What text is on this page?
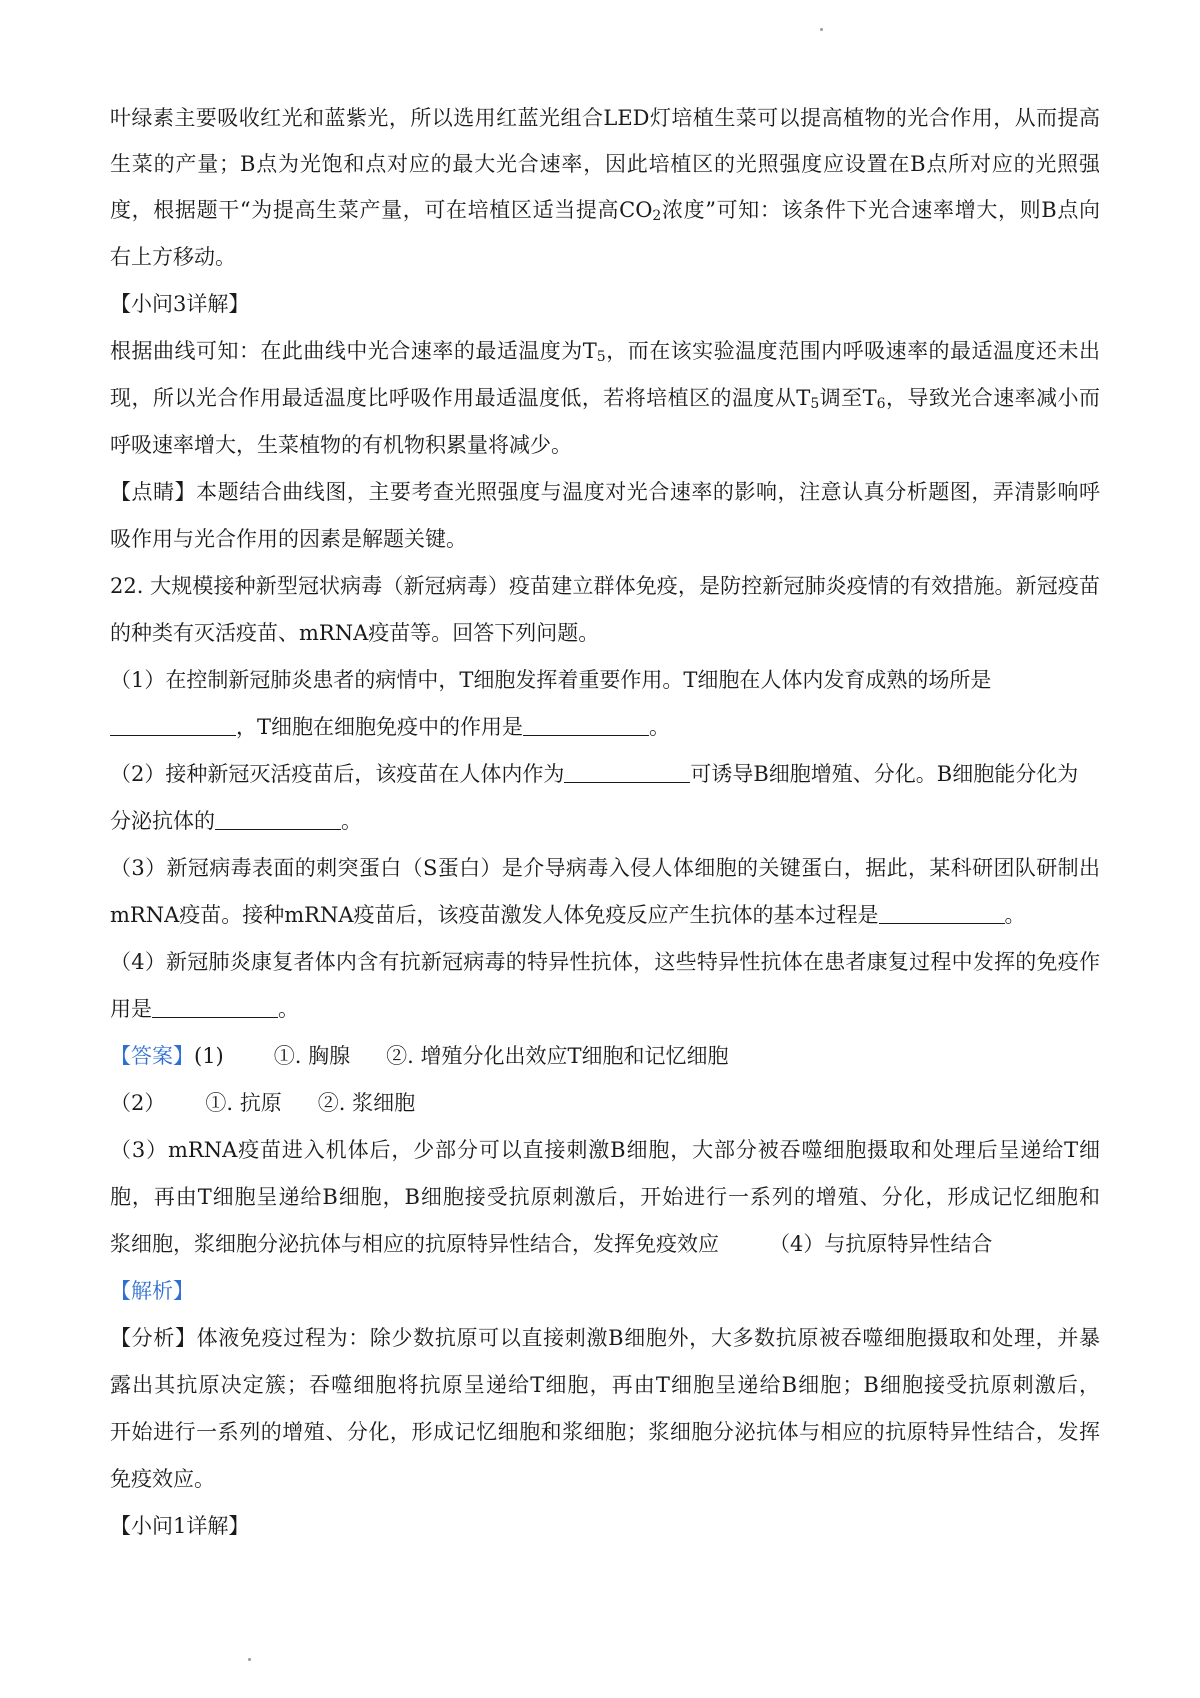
叶绿素主要吸收红光和蓝紫光，所以选用红蓝光组合LED灯培植生菜可以提高植物的光合作用，从而提高
生菜的产量；B点为光饱和点对应的最大光合速率，因此培植区的光照强度应设置在B点所对应的光照强
度，根据题干“为提高生菜产量，可在培植区适当提高$CO_2$浓度”可知：该条件下光合速率增大，则B点向
右上方移动。
【小问3详解】
根据曲线可知：在此曲线中光合速率的最适温度为$T_5$，而在该实验温度范围内呼吸速率的最适温度还未出
现，所以光合作用最适温度比呼吸作用最适温度低，若将培植区的温度从$T_5$调至$T_6$，导致光合速率减小而
呼吸速率增大，生菜植物的有机物积累量将减少。
【点睛】本题结合曲线图，主要考查光照强度与温度对光合速率的影响，注意认真分析题图，弄清影响呼
吸作用与光合作用的因素是解题关键。
22. 大规模接种新型冠状病毒（新冠病毒）疫苗建立群体免疫，是防控新冠肺炎疫情的有效措施。新冠疫苗
的种类有灭活疫苗、mRNA疫苗等。回答下列问题。
（1）在控制新冠肺炎患者的病情中，T细胞发挥着重要作用。T细胞在人体内发育成熟的场所是
，T细胞在细胞免疫中的作用是	。
（2）接种新冠灭活疫苗后，该疫苗在人体内作为	可诱导B细胞增殖、分化。B细胞能分化为
分泌抗体的	。
（3）新冠病毒表面的刺突蛋白（S蛋白）是介导病毒入侵人体细胞的关键蛋白，据此，某科研团队研制出
mRNA疫苗。接种mRNA疫苗后，该疫苗激发人体免疫反应产生抗体的基本过程是	。
（4）新冠肺炎康复者体内含有抗新冠病毒的特异性抗体，这些特异性抗体在患者康复过程中发挥的免疫作
用是	。
【答案】(1) ①. 胸腺 ②. 增殖分化出效应T细胞和记忆细胞
（2） ①. 抗原 ②. 浆细胞
（3）mRNA疫苗进入机体后，少部分可以直接刺激B细胞，大部分被吞噬细胞摄取和处理后呈递给T细
胞，再由T细胞呈递给B细胞，B细胞接受抗原刺激后，开始进行一系列的增殖、分化，形成记忆细胞和
浆细胞，浆细胞分泌抗体与相应的抗原特异性结合，发挥免疫效应 （4）与抗原特异性结合
【解析】
【分析】体液免疫过程为：除少数抗原可以直接刺激B细胞外，大多数抗原被吞噬细胞摄取和处理，并暴
露出其抗原决定簇；吞噬细胞将抗原呈递给T细胞，再由T细胞呈递给B细胞；B细胞接受抗原刺激后，
开始进行一系列的增殖、分化，形成记忆细胞和浆细胞；浆细胞分泌抗体与相应的抗原特异性结合，发挥
免疫效应。
【小问1详解】
